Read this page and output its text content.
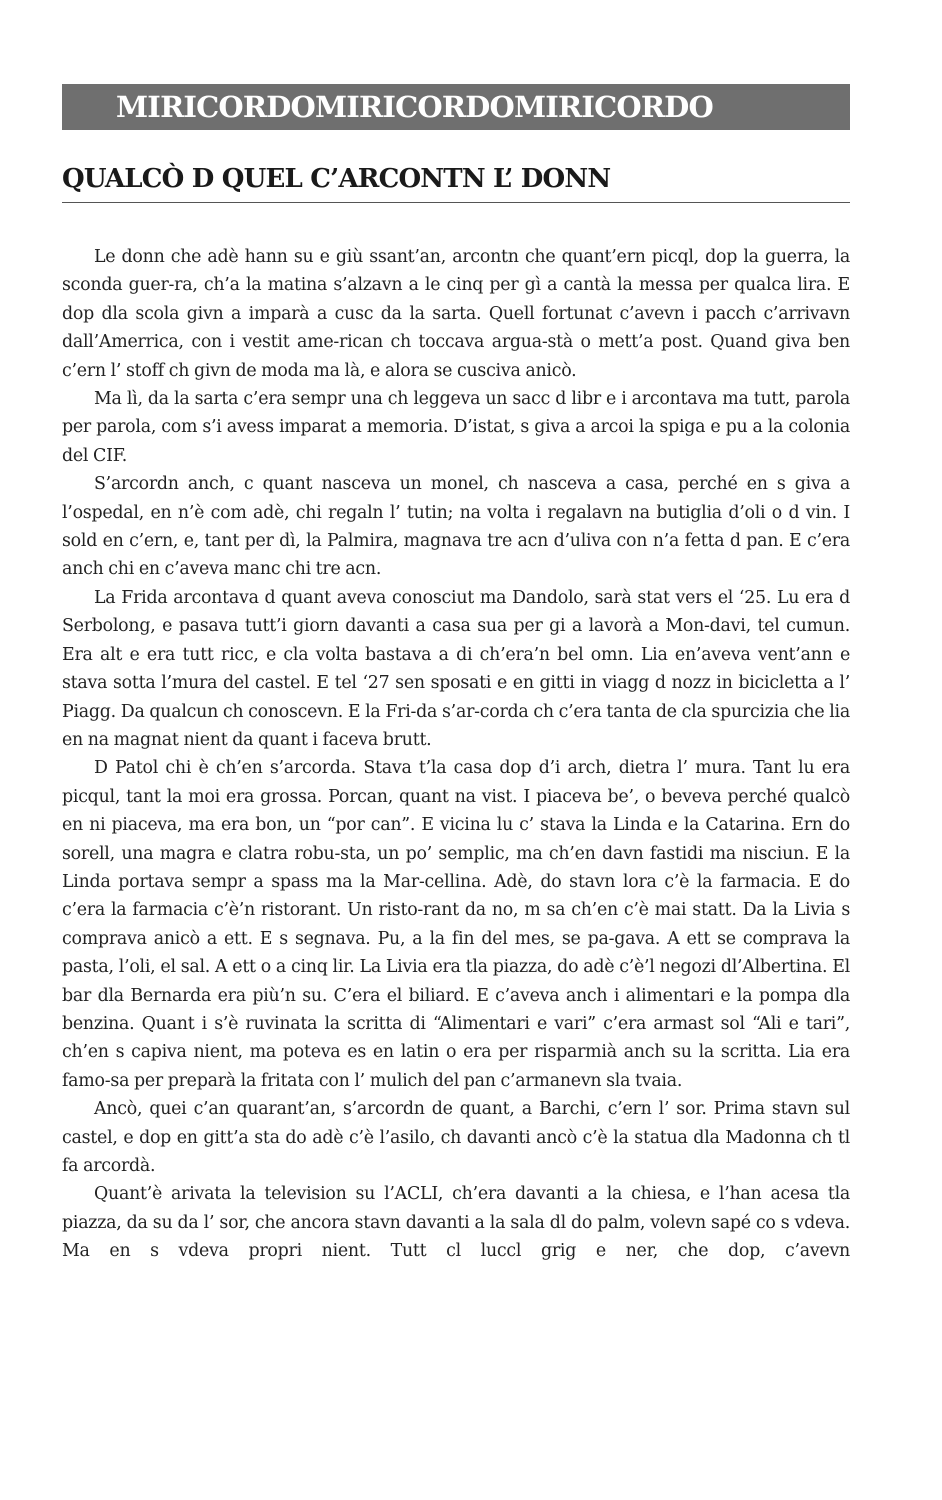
MIRICORDOMIRICORDOMIRICORDO
QUALCÒ D QUEL C’ARCONTN L’ DONN

Le donn che adè hann su e giù ssant’an, arcontn che quant’ern picql, dop la guerra, la sconda guer-ra, ch’a la matina s’alzavn a le cinq per gì a cantà la messa per qualca lira. E dop dla scola givn a imparà a cusc da la sarta. Quell fortunat c’avevn i pacch c’arrivavn dall’Amerrica, con i vestit ame-rican ch toccava argua-stà o mett’a post. Quand giva ben c’ern l’ stoff ch givn de moda ma là, e alora se cusciva anicò.

Ma lì, da la sarta c’era sempr una ch leggeva un sacc d libr e i arcontava ma tutt, parola per parola, com s’i avess imparat a memoria. D’istat, s giva a arcoi la spiga e pu a la colonia del CIF.

S’arcordn anch, c quant nasceva un monel, ch nasceva a casa, perché en s giva a l’ospedal, en n’è com adè, chi regaln l’ tutin; na volta i regalavn na butiglia d’oli o d vin. I sold en c’ern, e, tant per dì, la Palmira, magnava tre acn d’uliva con n’a fetta d pan. E c’era anch chi en c’aveva manc chi tre acn.

La Frida arcontava d quant aveva conosciut ma Dandolo, sarà stat vers el ‘25. Lu era d Serbolong, e pasava tutt’i giorn davanti a casa sua per gi a lavorà a Mon-davi, tel cumun. Era alt e era tutt ricc, e cla volta bastava a di ch’era’n bel omn. Lia en’aveva vent’ann e stava sotta l’mura del castel. E tel ‘27 sen sposati e en gitti in viagg d nozz in bicicletta a l’ Piagg. Da qualcun ch conoscevn. E la Fri-da s’ar-corda ch c’era tanta de cla spurcizia che lia en na magnat nient da quant i faceva brutt.

D Patol chi è ch’en s’arcorda. Stava t’la casa dop d’i arch, dietra l’ mura. Tant lu era picqul, tant la moi era grossa. Porcan, quant na vist. I piaceva be’, o beveva perché qualcò en ni piaceva, ma era bon, un “por can”. E vicina lu c’ stava la Linda e la Catarina. Ern do sorell, una magra e clatra robu-sta, un po’ semplic, ma ch’en davn fastidi ma nisciun. E la Linda portava sempr a spass ma la Mar-cellina. Adè, do stavn lora c’è la farmacia. E do c’era la farmacia c’è’n ristorant. Un risto-rant da no, m sa ch’en c’è mai statt. Da la Livia s comprava anicò a ett. E s segnava. Pu, a la fin del mes, se pa-gava. A ett se comprava la pasta, l’oli, el sal. A ett o a cinq lir. La Livia era tla piazza, do adè c’è’l negozi dl’Albertina. El bar dla Bernarda era più’n su. C’era el biliard. E c’aveva anch i alimentari e la pompa dla benzina. Quant i s’è ruvinata la scritta di “Alimentari e vari” c’era armast sol “Ali e tari”, ch’en s capiva nient, ma poteva es en latin o era per risparmià anch su la scritta. Lia era famo-sa per preparà la fritata con l’ mulich del pan c’armanevn sla tvaia.

Ancò, quei c’an quarant’an, s’arcordn de quant, a Barchi, c’ern l’ sor. Prima stavn sul castel, e dop en gitt’a sta do adè c’è l’asilo, ch davanti ancò c’è la statua dla Madonna ch tl fa arcordà.

Quant’è arivata la television su l’ACLI, ch’era davanti a la chiesa, e l’han acesa tla piazza, da su da l’ sor, che ancora stavn davanti a la sala dl do palm, volevn sapé co s vdeva. Ma en s vdeva propri nient. Tutt cl luccl grig e ner, che dop, c’avevn
